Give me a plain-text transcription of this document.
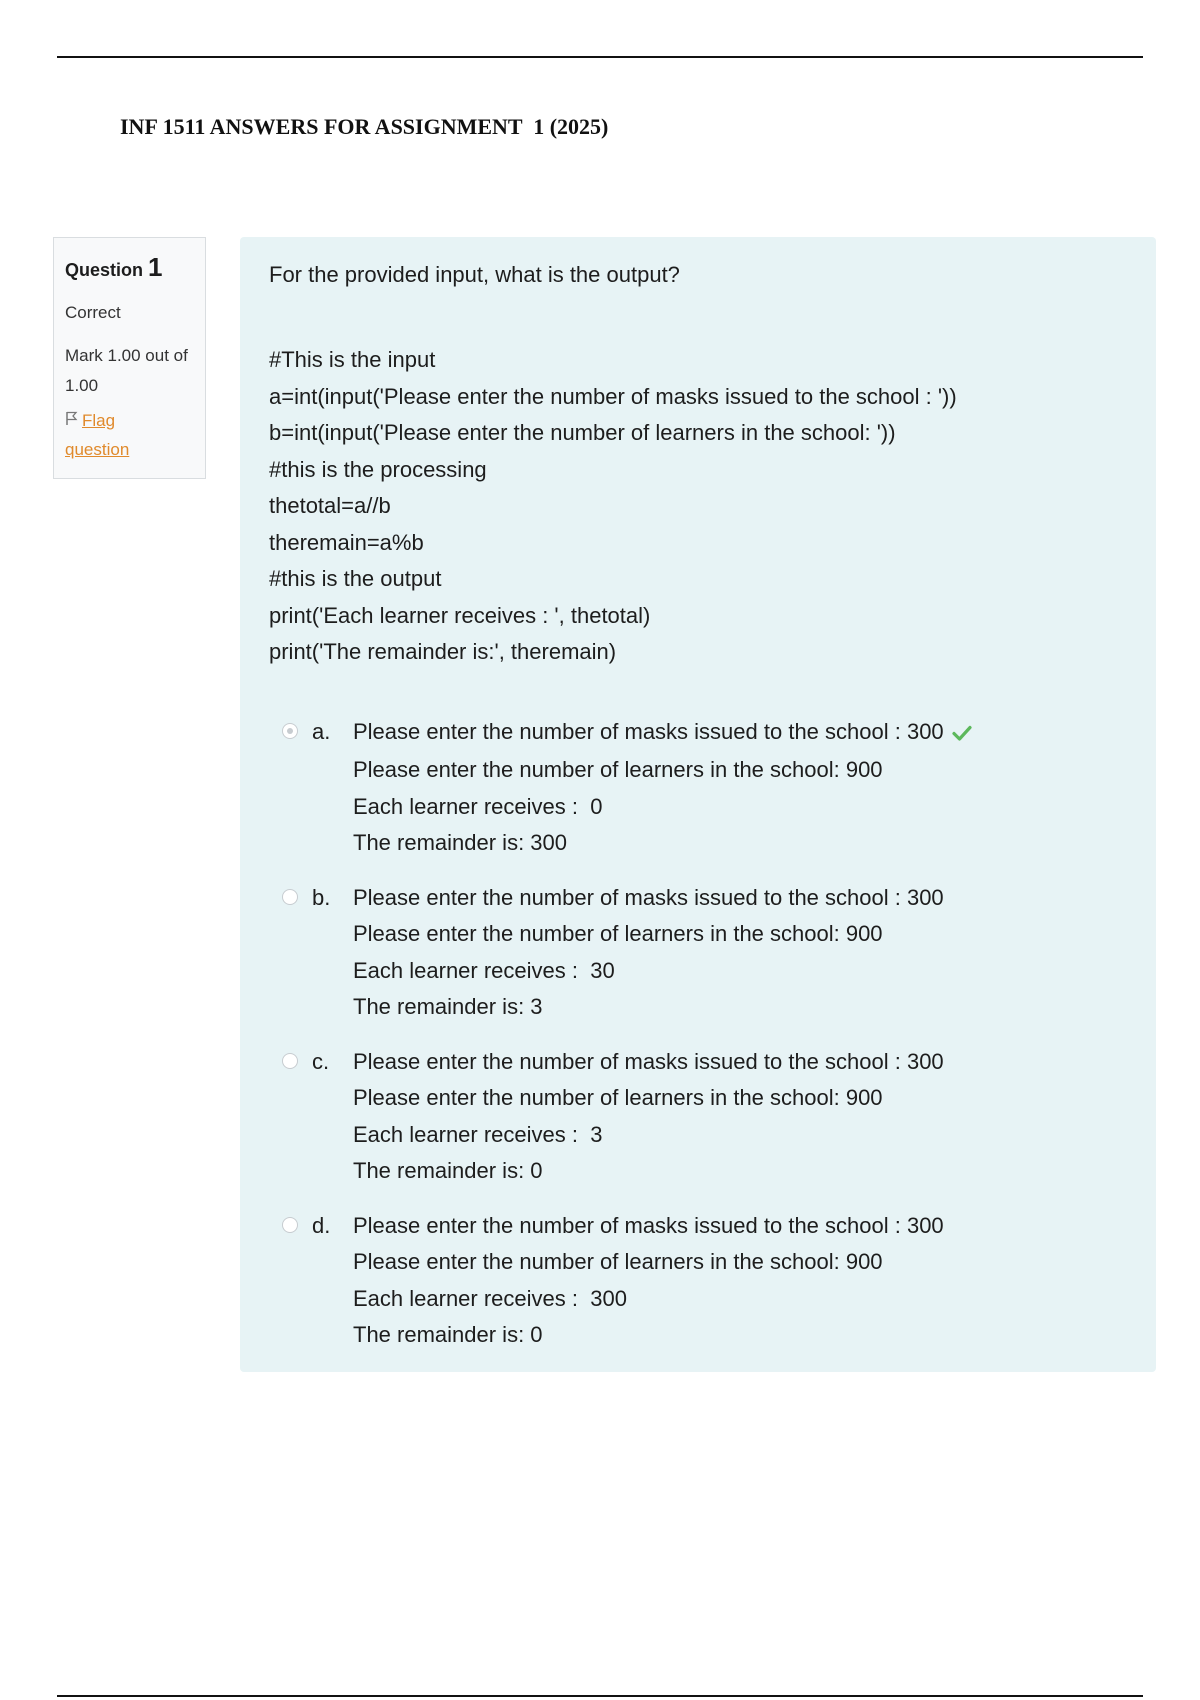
INF 1511 ANSWERS FOR ASSIGNMENT  1 (2025)
Question 1
Correct
Mark 1.00 out of
1.00
Flag
question
For the provided input, what is the output?
#This is the input
a=int(input('Please enter the number of masks issued to the school : '))
b=int(input('Please enter the number of learners in the school: '))
#this is the processing
thetotal=a//b
theremain=a%b
#this is the output
print('Each learner receives : ', thetotal)
print('The remainder is:', theremain)
a. Please enter the number of masks issued to the school : 300
Please enter the number of learners in the school: 900
Each learner receives :  0
The remainder is: 300
b. Please enter the number of masks issued to the school : 300
Please enter the number of learners in the school: 900
Each learner receives :  30
The remainder is: 3
c. Please enter the number of masks issued to the school : 300
Please enter the number of learners in the school: 900
Each learner receives :  3
The remainder is: 0
d. Please enter the number of masks issued to the school : 300
Please enter the number of learners in the school: 900
Each learner receives :  300
The remainder is: 0
